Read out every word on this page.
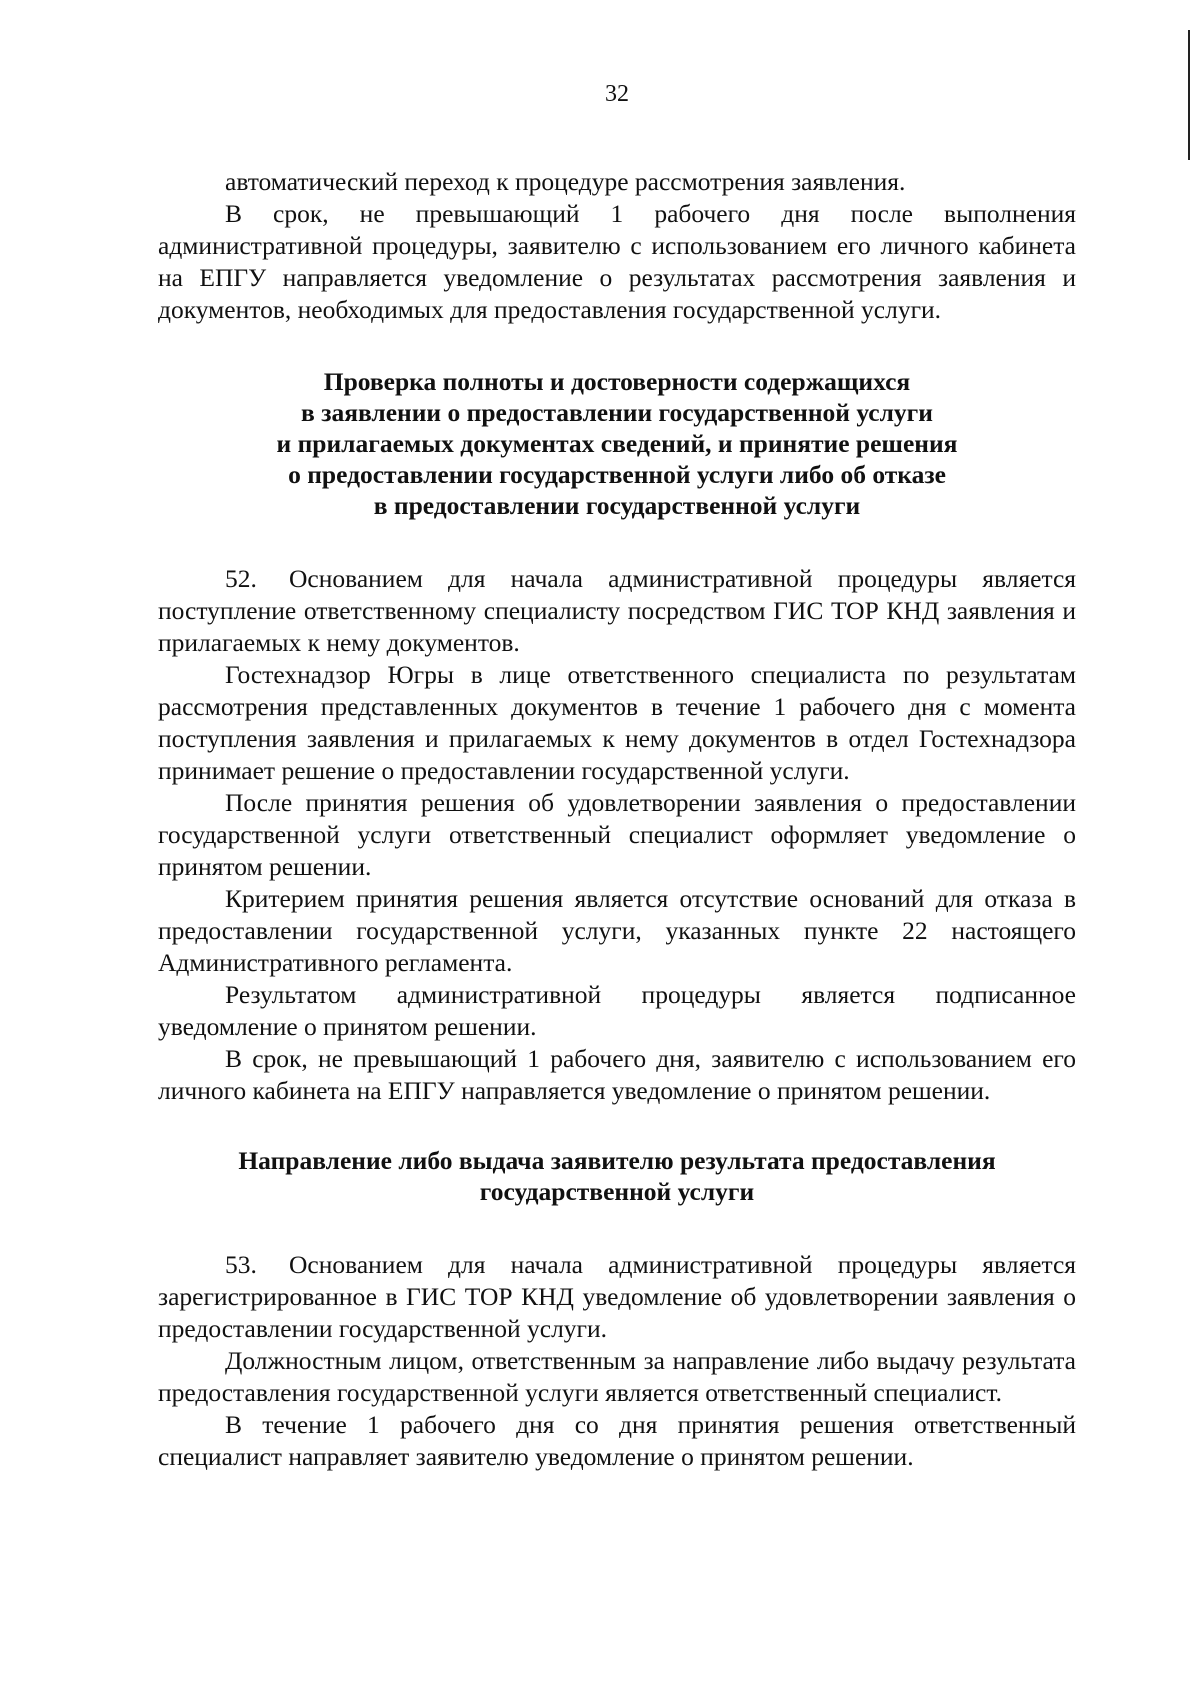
32

автоматический переход к процедуре рассмотрения заявления.

В срок, не превышающий 1 рабочего дня после выполнения административной процедуры, заявителю с использованием его личного кабинета на ЕПГУ направляется уведомление о результатах рассмотрения заявления и документов, необходимых для предоставления государственной услуги.

Проверка полноты и достоверности содержащихся
в заявлении о предоставлении государственной услуги
и прилагаемых документах сведений, и принятие решения
о предоставлении государственной услуги либо об отказе
в предоставлении государственной услуги

52. Основанием для начала административной процедуры является поступление ответственному специалисту посредством ГИС ТОР КНД заявления и прилагаемых к нему документов.

Гостехнадзор Югры в лице ответственного специалиста по результатам рассмотрения представленных документов в течение 1 рабочего дня с момента поступления заявления и прилагаемых к нему документов в отдел Гостехнадзора принимает решение о предоставлении государственной услуги.

После принятия решения об удовлетворении заявления о предоставлении государственной услуги ответственный специалист оформляет уведомление о принятом решении.

Критерием принятия решения является отсутствие оснований для отказа в предоставлении государственной услуги, указанных пункте 22 настоящего Административного регламента.

Результатом административной процедуры является подписанное уведомление о принятом решении.

В срок, не превышающий 1 рабочего дня, заявителю с использованием его личного кабинета на ЕПГУ направляется уведомление о принятом решении.

Направление либо выдача заявителю результата предоставления
государственной услуги

53. Основанием для начала административной процедуры является зарегистрированное в ГИС ТОР КНД уведомление об удовлетворении заявления о предоставлении государственной услуги.

Должностным лицом, ответственным за направление либо выдачу результата предоставления государственной услуги является ответственный специалист.

В течение 1 рабочего дня со дня принятия решения ответственный специалист направляет заявителю уведомление о принятом решении.
